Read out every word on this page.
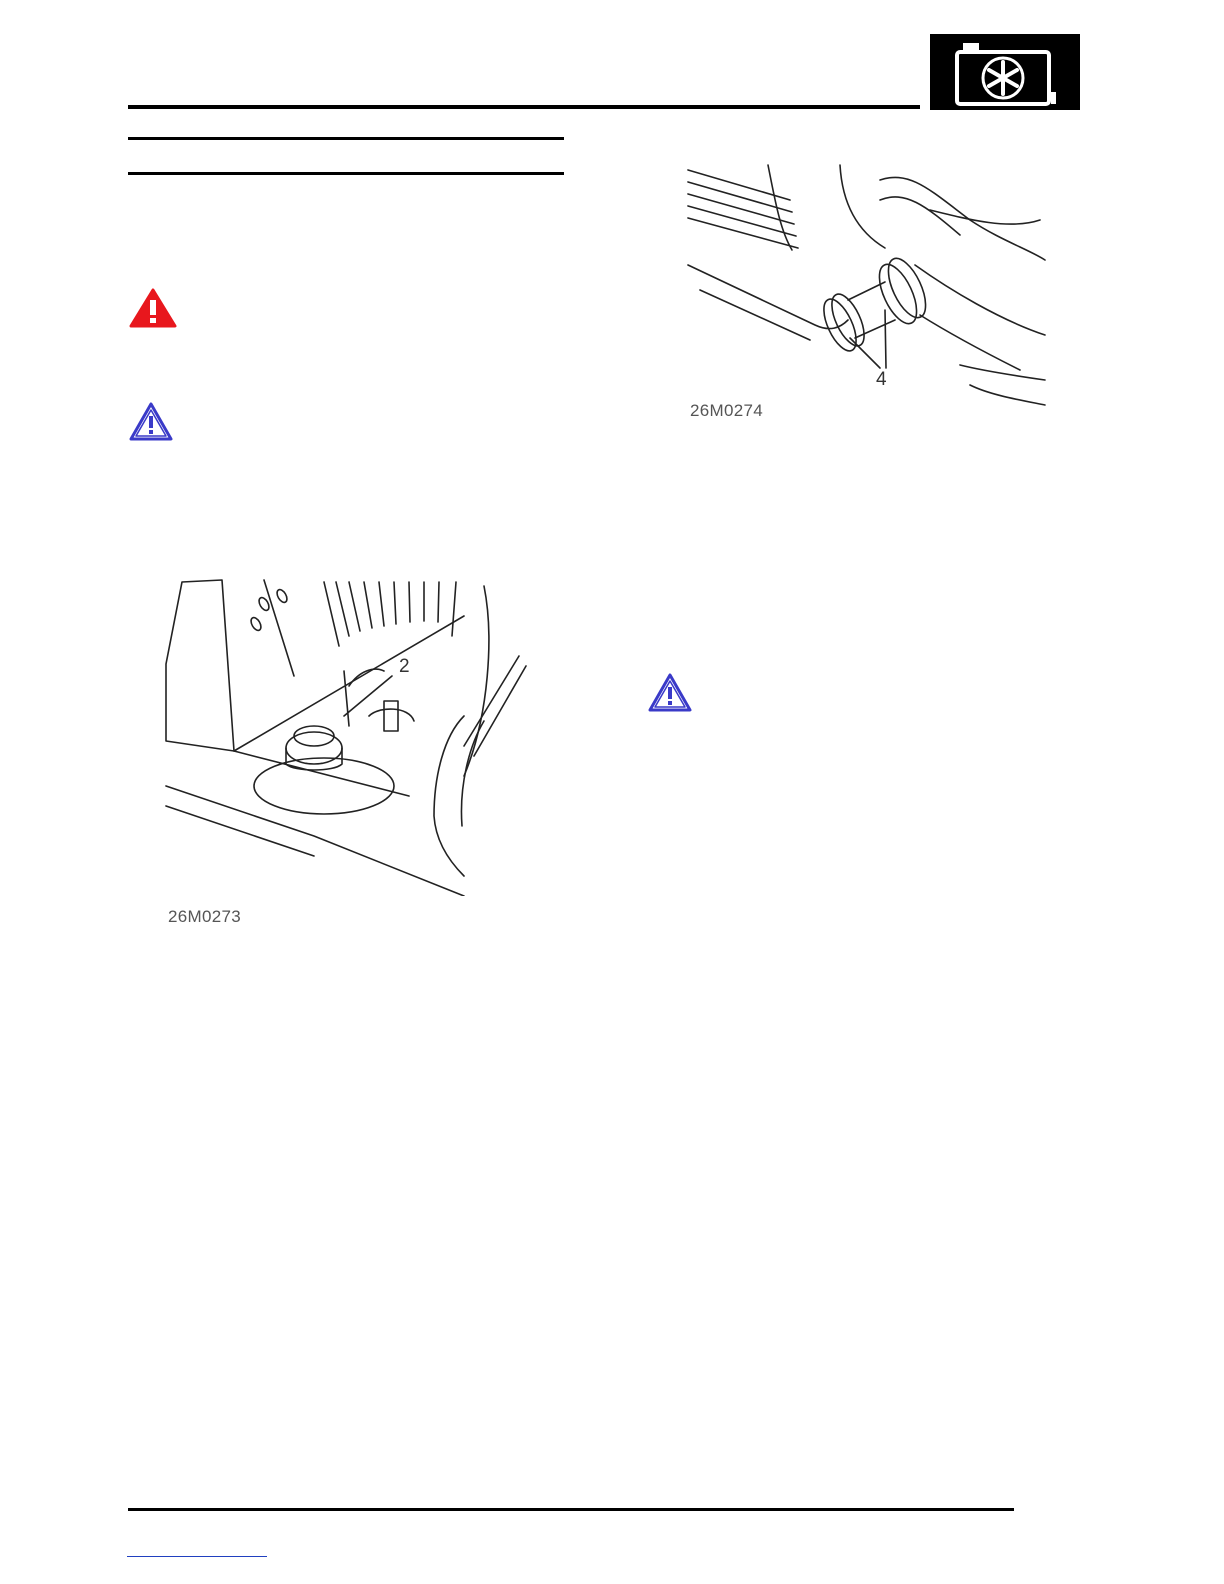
4
26M0274
2
26M0273
